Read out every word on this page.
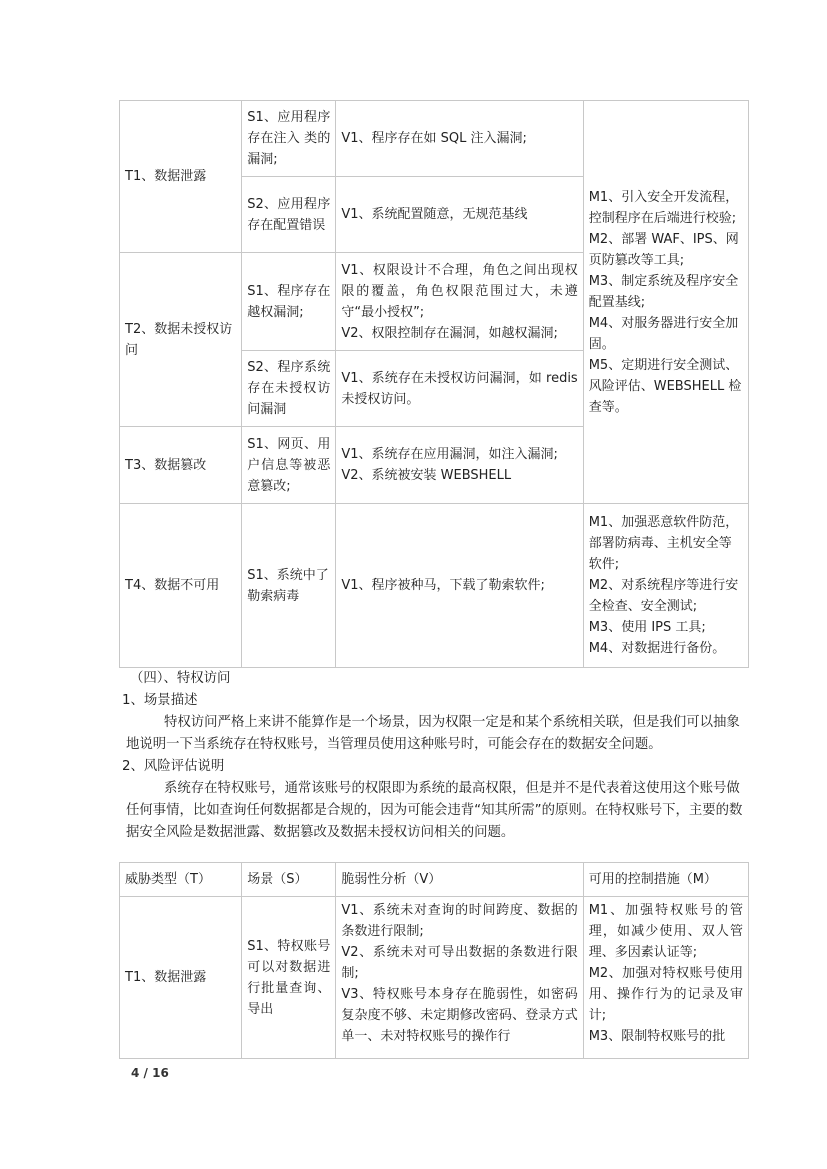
T1、数据泄露	S1、应用程序存在注入 类的漏洞;	V1、程序存在如 SQL 注入漏洞;	M1、引入安全开发流程，控制程序在后端进行校验;
M2、部署 WAF、IPS、网页防篡改等工具;
M3、制定系统及程序安全配置基线;
M4、对服务器进行安全加固。
M5、定期进行安全测试、风险评估、WEBSHELL 检查等。
	S2、应用程序存在配置错误	V1、系统配置随意，无规范基线	
T2、数据未授权访问	S1、程序存在越权漏洞;	V1、权限设计不合理，角色之间出现权限的覆盖，角色权限范围过大，未遵守“最小授权”;
V2、权限控制存在漏洞，如越权漏洞;	
	S2、程序系统存在未授权访问漏洞	V1、系统存在未授权访问漏洞，如 redis 未授权访问。	
T3、数据篡改	S1、网页、用户信息等被恶意篡改;	V1、系统存在应用漏洞，如注入漏洞;
V2、系统被安装 WEBSHELL	
T4、数据不可用	S1、系统中了勒索病毒	V1、程序被种马，下载了勒索软件;	M1、加强恶意软件防范，部署防病毒、主机安全等软件;
M2、对系统程序等进行安全检查、安全测试;
M3、使用 IPS 工具;
M4、对数据进行备份。

（四）、特权访问

1、场景描述

特权访问严格上来讲不能算作是一个场景，因为权限一定是和某个系统相关联，但是我们可以抽象地说明一下当系统存在特权账号，当管理员使用这种账号时，可能会存在的数据安全问题。

2、风险评估说明

系统存在特权账号，通常该账号的权限即为系统的最高权限，但是并不是代表着这使用这个账号做任何事情，比如查询任何数据都是合规的，因为可能会违背“知其所需”的原则。在特权账号下，主要的数据安全风险是数据泄露、数据篡改及数据未授权访问相关的问题。

威胁类型（T）	场景（S）	脆弱性分析（V）	可用的控制措施（M）
T1、数据泄露	S1、特权账号可以对数据进行批量查询、导出	V1、系统未对查询的时间跨度、数据的条数进行限制;
V2、系统未对可导出数据的条数进行限制;
V3、特权账号本身存在脆弱性，如密码复杂度不够、未定期修改密码、登录方式单一、未对特权账号的操作行	M1、加强特权账号的管理，如减少使用、双人管理、多因素认证等;
M2、加强对特权账号使用用、操作行为的记录及审计;
M3、限制特权账号的批
4 / 16
